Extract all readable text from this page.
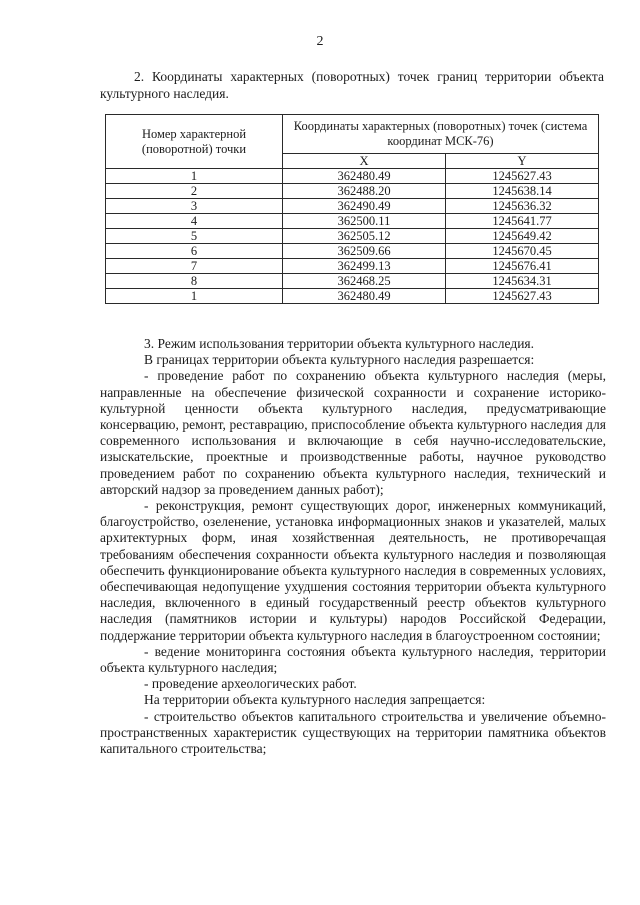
2
2. Координаты характерных (поворотных) точек границ территории объекта культурного наследия.
Номер характерной (поворотной) точки	Координаты характерных (поворотных) точек (система координат МСК-76)	
	X	Y
1	362480.49	1245627.43
2	362488.20	1245638.14
3	362490.49	1245636.32
4	362500.11	1245641.77
5	362505.12	1245649.42
6	362509.66	1245670.45
7	362499.13	1245676.41
8	362468.25	1245634.31
1	362480.49	1245627.43

3. Режим использования территории объекта культурного наследия.

В границах территории объекта культурного наследия разрешается:

- проведение работ по сохранению объекта культурного наследия (меры, направленные на обеспечение физической сохранности и сохранение историко-культурной ценности объекта культурного наследия, предусматривающие консервацию, ремонт, реставрацию, приспособление объекта культурного наследия для современного использования и включающие в себя научно-исследовательские, изыскательские, проектные и производственные работы, научное руководство проведением работ по сохранению объекта культурного наследия, технический и авторский надзор за проведением данных работ);

- реконструкция, ремонт существующих дорог, инженерных коммуникаций, благоустройство, озеленение, установка информационных знаков и указателей, малых архитектурных форм, иная хозяйственная деятельность, не противоречащая требованиям обеспечения сохранности объекта культурного наследия и позволяющая обеспечить функционирование объекта культурного наследия в современных условиях, обеспечивающая недопущение ухудшения состояния территории объекта культурного наследия, включенного в единый государственный реестр объектов культурного наследия (памятников истории и культуры) народов Российской Федерации, поддержание территории объекта культурного наследия в благоустроенном состоянии;

- ведение мониторинга состояния объекта культурного наследия, территории объекта культурного наследия;

- проведение археологических работ.

На территории объекта культурного наследия запрещается:

- строительство объектов капитального строительства и увеличение объемно-пространственных характеристик существующих на территории памятника объектов капитального строительства;
